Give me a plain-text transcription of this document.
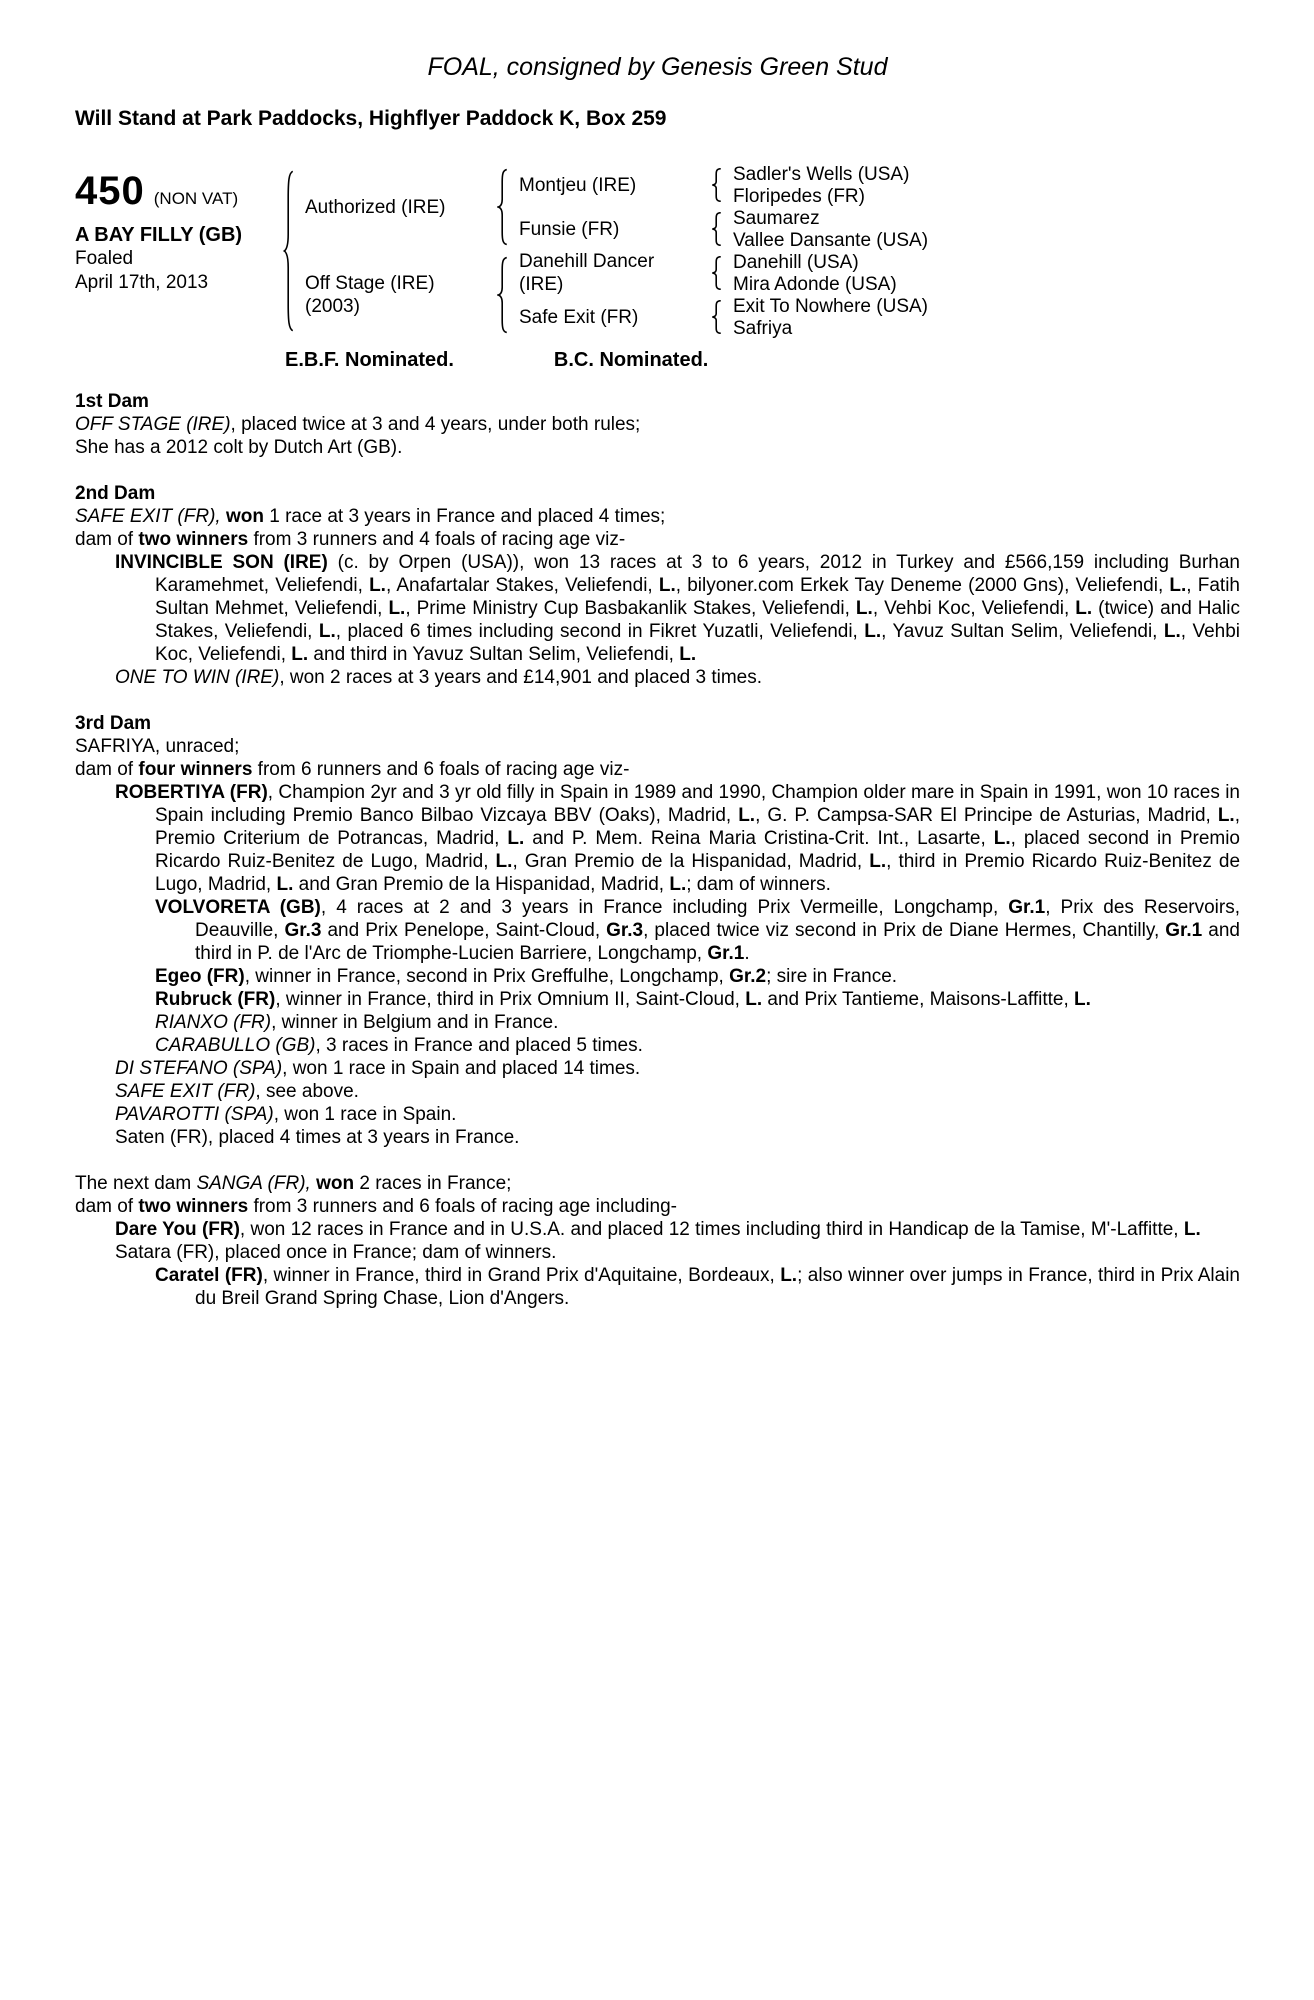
FOAL, consigned by Genesis Green Stud
Will Stand at Park Paddocks, Highflyer Paddock K, Box 259
450 (NON VAT)
A BAY FILLY (GB)
Foaled
April 17th, 2013
Authorized (IRE)
Off Stage (IRE)
(2003)
Montjeu (IRE)
Funsie (FR)
Danehill Dancer
(IRE)
Safe Exit (FR)
Sadler's Wells (USA)
Floripedes (FR)
Saumarez
Vallee Dansante (USA)
Danehill (USA)
Mira Adonde (USA)
Exit To Nowhere (USA)
Safriya
E.B.F. Nominated.	B.C. Nominated.
1st Dam

OFF STAGE (IRE), placed twice at 3 and 4 years, under both rules;

She has a 2012 colt by Dutch Art (GB).

2nd Dam

SAFE EXIT (FR), won 1 race at 3 years in France and placed 4 times;

dam of two winners from 3 runners and 4 foals of racing age viz-

INVINCIBLE SON (IRE) (c. by Orpen (USA)), won 13 races at 3 to 6 years, 2012 in Turkey and £566,159 including Burhan Karamehmet, Veliefendi, L., Anafartalar Stakes, Veliefendi, L., bilyoner.com Erkek Tay Deneme (2000 Gns), Veliefendi, L., Fatih Sultan Mehmet, Veliefendi, L., Prime Ministry Cup Basbakanlik Stakes, Veliefendi, L., Vehbi Koc, Veliefendi, L. (twice) and Halic Stakes, Veliefendi, L., placed 6 times including second in Fikret Yuzatli, Veliefendi, L., Yavuz Sultan Selim, Veliefendi, L., Vehbi Koc, Veliefendi, L. and third in Yavuz Sultan Selim, Veliefendi, L.

ONE TO WIN (IRE), won 2 races at 3 years and £14,901 and placed 3 times.

3rd Dam

SAFRIYA, unraced;

dam of four winners from 6 runners and 6 foals of racing age viz-

ROBERTIYA (FR), Champion 2yr and 3 yr old filly in Spain in 1989 and 1990, Champion older mare in Spain in 1991, won 10 races in Spain including Premio Banco Bilbao Vizcaya BBV (Oaks), Madrid, L., G. P. Campsa-SAR El Principe de Asturias, Madrid, L., Premio Criterium de Potrancas, Madrid, L. and P. Mem. Reina Maria Cristina-Crit. Int., Lasarte, L., placed second in Premio Ricardo Ruiz-Benitez de Lugo, Madrid, L., Gran Premio de la Hispanidad, Madrid, L., third in Premio Ricardo Ruiz-Benitez de Lugo, Madrid, L. and Gran Premio de la Hispanidad, Madrid, L.; dam of winners.

VOLVORETA (GB), 4 races at 2 and 3 years in France including Prix Vermeille, Longchamp, Gr.1, Prix des Reservoirs, Deauville, Gr.3 and Prix Penelope, Saint-Cloud, Gr.3, placed twice viz second in Prix de Diane Hermes, Chantilly, Gr.1 and third in P. de l'Arc de Triomphe-Lucien Barriere, Longchamp, Gr.1.

Egeo (FR), winner in France, second in Prix Greffulhe, Longchamp, Gr.2; sire in France.

Rubruck (FR), winner in France, third in Prix Omnium II, Saint-Cloud, L. and Prix Tantieme, Maisons-Laffitte, L.

RIANXO (FR), winner in Belgium and in France.

CARABULLO (GB), 3 races in France and placed 5 times.

DI STEFANO (SPA), won 1 race in Spain and placed 14 times.

SAFE EXIT (FR), see above.

PAVAROTTI (SPA), won 1 race in Spain.

Saten (FR), placed 4 times at 3 years in France.

The next dam SANGA (FR), won 2 races in France;

dam of two winners from 3 runners and 6 foals of racing age including-

Dare You (FR), won 12 races in France and in U.S.A. and placed 12 times including third in Handicap de la Tamise, M'-Laffitte, L.

Satara (FR), placed once in France; dam of winners.

Caratel (FR), winner in France, third in Grand Prix d'Aquitaine, Bordeaux, L.; also winner over jumps in France, third in Prix Alain du Breil Grand Spring Chase, Lion d'Angers.
